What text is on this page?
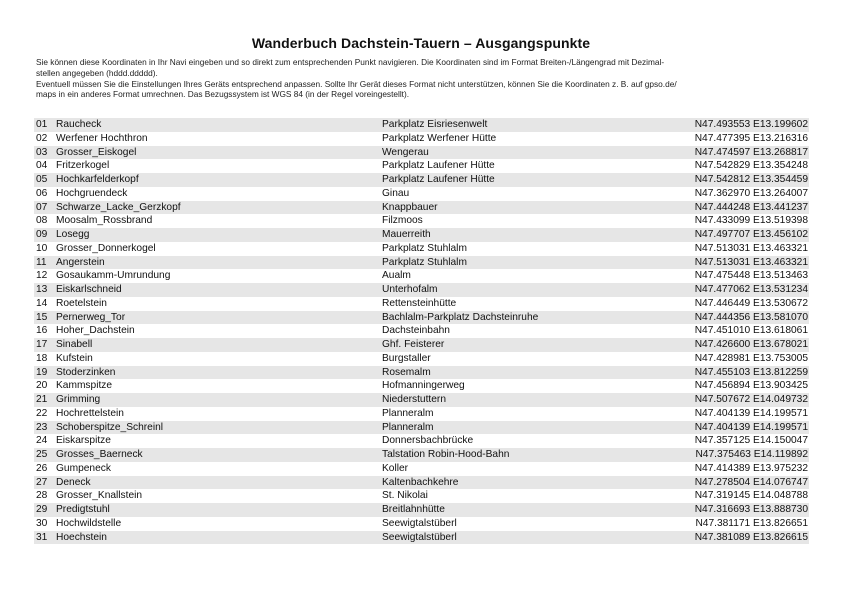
Wanderbuch Dachstein-Tauern – Ausgangspunkte

Sie können diese Koordinaten in Ihr Navi eingeben und so direkt zum entsprechenden Punkt navigieren. Die Koordinaten sind im Format Breiten-/Längengrad mit Dezimal-

stellen angegeben (hddd.ddddd).

Eventuell müssen Sie die Einstellungen Ihres Geräts entsprechend anpassen. Sollte Ihr Gerät dieses Format nicht unterstützen, können Sie die Koordinaten z. B. auf gpso.de/

maps in ein anderes Format umrechnen. Das Bezugssystem ist WGS 84 (in der Regel voreingestellt).

01	Raucheck	Parkplatz Eisriesenwelt	N47.493553 E13.199602
02	Werfener Hochthron	Parkplatz Werfener Hütte	N47.477395 E13.216316
03	Grosser_Eiskogel	Wengerau	N47.474597 E13.268817
04	Fritzerkogel	Parkplatz Laufener Hütte	N47.542829 E13.354248
05	Hochkarfelderkopf	Parkplatz Laufener Hütte	N47.542812 E13.354459
06	Hochgruendeck	Ginau	N47.362970 E13.264007
07	Schwarze_Lacke_Gerzkopf	Knappbauer	N47.444248 E13.441237
08	Moosalm_Rossbrand	Filzmoos	N47.433099 E13.519398
09	Losegg	Mauerreith	N47.497707 E13.456102
10	Grosser_Donnerkogel	Parkplatz Stuhlalm	N47.513031 E13.463321
11	Angerstein	Parkplatz Stuhlalm	N47.513031 E13.463321
12	Gosaukamm-Umrundung	Aualm	N47.475448 E13.513463
13	Eiskarlschneid	Unterhofalm	N47.477062 E13.531234
14	Roetelstein	Rettensteinhütte	N47.446449 E13.530672
15	Pernerweg_Tor	Bachlalm-Parkplatz Dachsteinruhe	N47.444356 E13.581070
16	Hoher_Dachstein	Dachsteinbahn	N47.451010 E13.618061
17	Sinabell	Ghf. Feisterer	N47.426600 E13.678021
18	Kufstein	Burgstaller	N47.428981 E13.753005
19	Stoderzinken	Rosemalm	N47.455103 E13.812259
20	Kammspitze	Hofmanningerweg	N47.456894 E13.903425
21	Grimming	Niederstuttern	N47.507672 E14.049732
22	Hochrettelstein	Planneralm	N47.404139 E14.199571
23	Schoberspitze_Schreinl	Planneralm	N47.404139 E14.199571
24	Eiskarspitze	Donnersbachbrücke	N47.357125 E14.150047
25	Grosses_Baerneck	Talstation Robin-Hood-Bahn	N47.375463 E14.119892
26	Gumpeneck	Koller	N47.414389 E13.975232
27	Deneck	Kaltenbachkehre	N47.278504 E14.076747
28	Grosser_Knallstein	St. Nikolai	N47.319145 E14.048788
29	Predigtstuhl	Breitlahnhütte	N47.316693 E13.888730
30	Hochwildstelle	Seewigtalstüberl	N47.381171 E13.826651
31	Hoechstein	Seewigtalstüberl	N47.381089 E13.826615
